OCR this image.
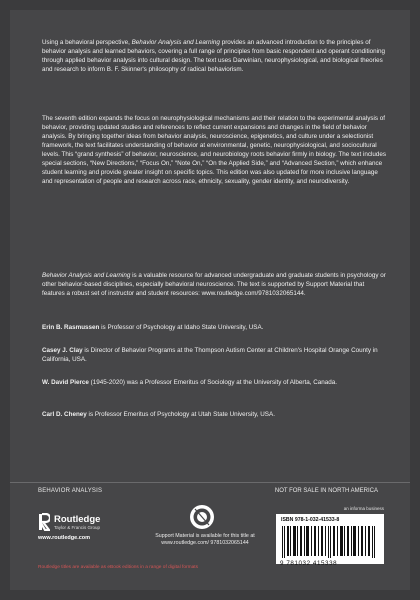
Using a behavioral perspective, Behavior Analysis and Learning provides an advanced introduction to the principles of behavior analysis and learned behaviors, covering a full range of principles from basic respondent and operant conditioning through applied behavior analysis into cultural design. The text uses Darwinian, neurophysiological, and biological theories and research to inform B. F. Skinner's philosophy of radical behaviorism.
The seventh edition expands the focus on neurophysiological mechanisms and their relation to the experimental analysis of behavior, providing updated studies and references to reflect current expansions and changes in the field of behavior analysis. By bringing together ideas from behavior analysis, neuroscience, epigenetics, and culture under a selectionist framework, the text facilitates understanding of behavior at environmental, genetic, neurophysiological, and sociocultural levels. This “grand synthesis” of behavior, neuroscience, and neurobiology roots behavior firmly in biology. The text includes special sections, “New Directions,” “Focus On,” “Note On,” “On the Applied Side,” and “Advanced Section,” which enhance student learning and provide greater insight on specific topics. This edition was also updated for more inclusive language and representation of people and research across race, ethnicity, sexuality, gender identity, and neurodiversity.
Behavior Analysis and Learning is a valuable resource for advanced undergraduate and graduate students in psychology or other behavior-based disciplines, especially behavioral neuroscience. The text is supported by Support Material that features a robust set of instructor and student resources: www.routledge.com/9781032065144.
Erin B. Rasmussen is Professor of Psychology at Idaho State University, USA.
Casey J. Clay is Director of Behavior Programs at the Thompson Autism Center at Children's Hospital Orange County in California, USA.
W. David Pierce (1945-2020) was a Professor Emeritus of Sociology at the University of Alberta, Canada.
Carl D. Cheney is Professor Emeritus of Psychology at Utah State University, USA.
BEHAVIOR ANALYSIS	NOT FOR SALE IN NORTH AMERICA
Routledge
Taylor & Francis Group
www.routledge.com	Support Material is available for this title at
www.routledge.com/ 9781032065144
an informa business
ISBN 978-1-032-41533-8
9 781032 415338
Routledge titles are available as eBook editions in a range of digital formats
